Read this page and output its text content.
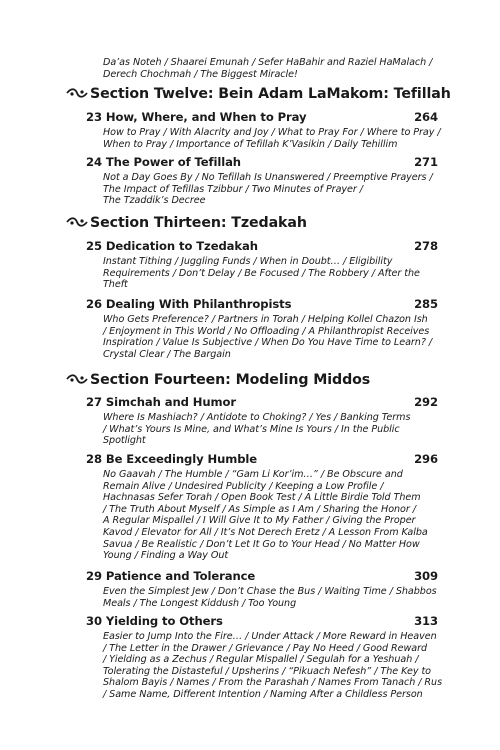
Da’as Noteh / Shaarei Emunah / Sefer HaBahir and Raziel HaMalach /

Derech Chochmah / The Biggest Miracle!

Section Twelve: Bein Adam LaMakom: Tefillah
23 How, Where, and When to Pray	264

How to Pray / With Alacrity and Joy / What to Pray For / Where to Pray /

When to Pray / Importance of Tefillah K’Vasikin / Daily Tehillim

24 The Power of Tefillah	271

Not a Day Goes By / No Tefillah Is Unanswered / Preemptive Prayers /

The Impact of Tefillas Tzibbur / Two Minutes of Prayer /

The Tzaddik’s Decree

Section Thirteen: Tzedakah
25 Dedication to Tzedakah	278

Instant Tithing / Juggling Funds / When in Doubt… / Eligibility

Requirements / Don’t Delay / Be Focused / The Robbery / After the

Theft

26 Dealing With Philanthropists	285

Who Gets Preference? / Partners in Torah / Helping Kollel Chazon Ish

/ Enjoyment in This World / No Offloading / A Philanthropist Receives

Inspiration / Value Is Subjective / When Do You Have Time to Learn? /

Crystal Clear / The Bargain

Section Fourteen: Modeling Middos
27 Simchah and Humor	292

Where Is Mashiach? / Antidote to Choking? / Yes / Banking Terms

/ What’s Yours Is Mine, and What’s Mine Is Yours / In the Public

Spotlight

28 Be Exceedingly Humble	296

No Gaavah / The Humble / “Gam Li Kor’im…” / Be Obscure and

Remain Alive / Undesired Publicity / Keeping a Low Profile /

Hachnasas Sefer Torah / Open Book Test / A Little Birdie Told Them

/ The Truth About Myself / As Simple as I Am / Sharing the Honor /

A Regular Mispallel / I Will Give It to My Father / Giving the Proper

Kavod / Elevator for All / It’s Not Derech Eretz / A Lesson From Kalba

Savua / Be Realistic / Don’t Let It Go to Your Head / No Matter How

Young / Finding a Way Out

29 Patience and Tolerance	309

Even the Simplest Jew / Don’t Chase the Bus / Waiting Time / Shabbos

Meals / The Longest Kiddush / Too Young

30 Yielding to Others	313

Easier to Jump Into the Fire… / Under Attack / More Reward in Heaven

/ The Letter in the Drawer / Grievance / Pay No Heed / Good Reward

/ Yielding as a Zechus / Regular Mispallel / Segulah for a Yeshuah /

Tolerating the Distasteful / Upsherins / “Pikuach Nefesh” / The Key to

Shalom Bayis / Names / From the Parashah / Names From Tanach / Rus

/ Same Name, Different Intention / Naming After a Childless Person
